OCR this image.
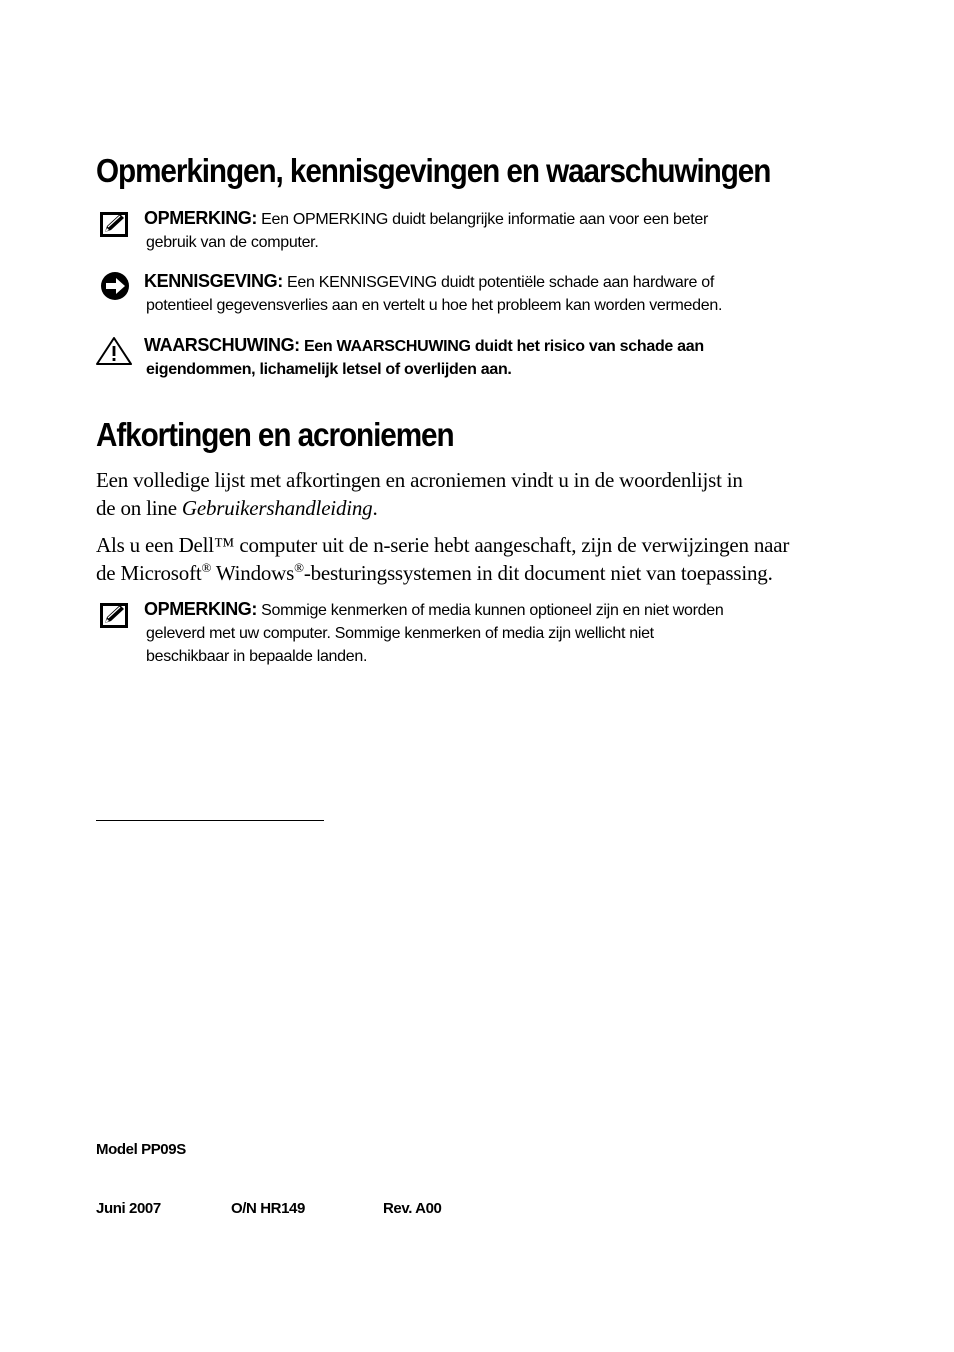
Opmerkingen, kennisgevingen en waarschuwingen
OPMERKING: Een OPMERKING duidt belangrijke informatie aan voor een beter
gebruik van de computer.
KENNISGEVING: Een KENNISGEVING duidt potentiële schade aan hardware of
potentieel gegevensverlies aan en vertelt u hoe het probleem kan worden vermeden.
WAARSCHUWING: Een WAARSCHUWING duidt het risico van schade aan
eigendommen, lichamelijk letsel of overlijden aan.
Afkortingen en acroniemen
Een volledige lijst met afkortingen en acroniemen vindt u in de woordenlijst in
de on line Gebruikershandleiding.
Als u een Dell™ computer uit de n-serie hebt aangeschaft, zijn de verwijzingen naar
de Microsoft® Windows®-besturingssystemen in dit document niet van toepassing.
OPMERKING: Sommige kenmerken of media kunnen optioneel zijn en niet worden
geleverd met uw computer. Sommige kenmerken of media zijn wellicht niet
beschikbaar in bepaalde landen.
Model PP09S
Juni 2007	O/N HR149	Rev. A00
